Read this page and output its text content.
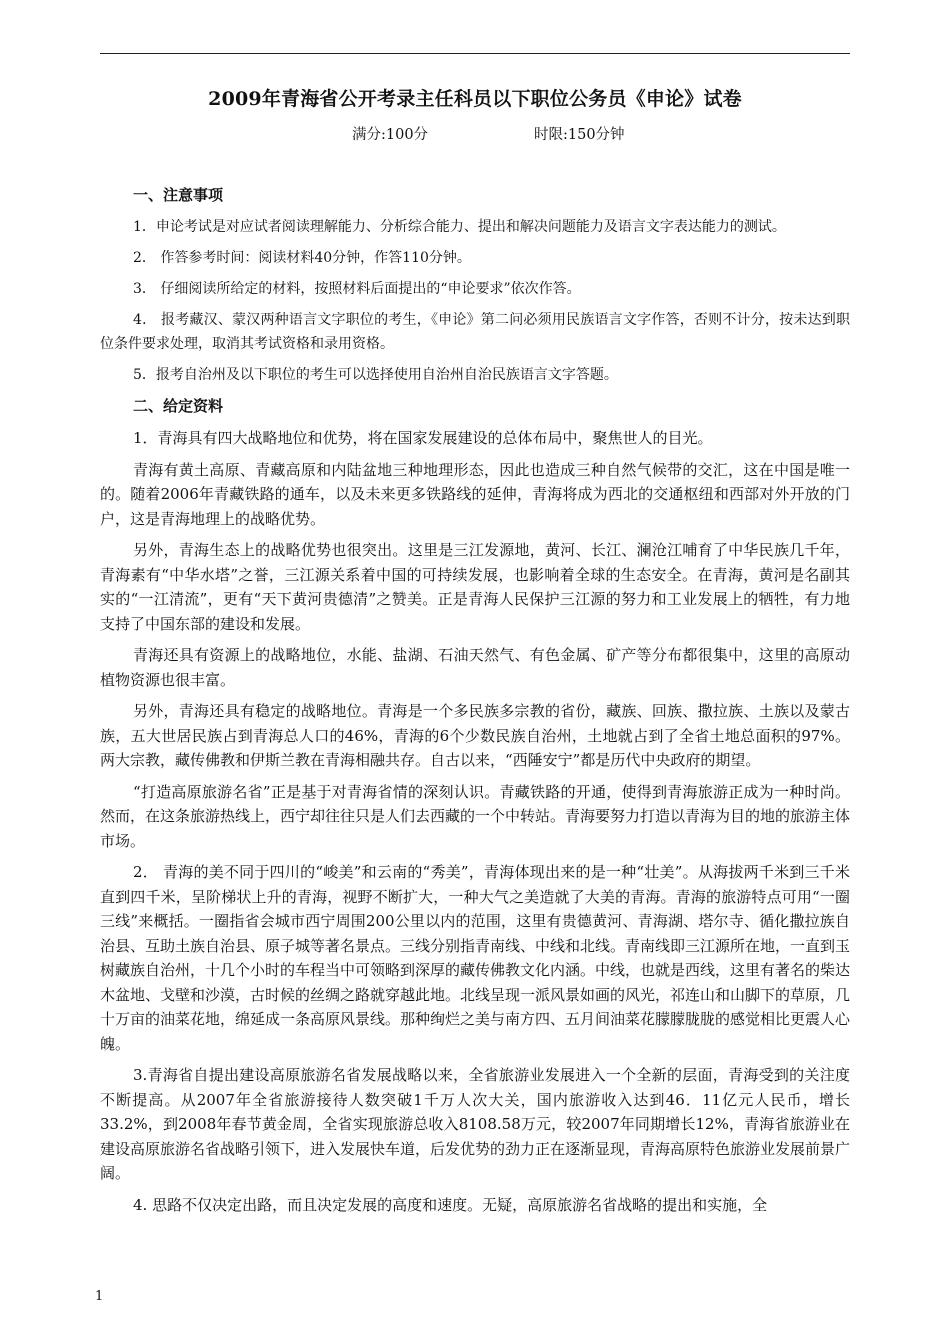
2009年青海省公开考录主任科员以下职位公务员《申论》试卷
满分:100分	时限:150分钟

一、注意事项

1．申论考试是对应试者阅读理解能力、分析综合能力、提出和解决问题能力及语言文字表达能力的测试。

2． 作答参考时间：阅读材料40分钟，作答110分钟。

3． 仔细阅读所给定的材料，按照材料后面提出的“申论要求”依次作答。

4． 报考藏汉、蒙汉两种语言文字职位的考生，《申论》第二问必须用民族语言文字作答，否则不计分，按未达到职位条件要求处理，取消其考试资格和录用资格。

5．报考自治州及以下职位的考生可以选择使用自治州自治民族语言文字答题。

二、给定资料

1．青海具有四大战略地位和优势，将在国家发展建设的总体布局中，聚焦世人的目光。

青海有黄土高原、青藏高原和内陆盆地三种地理形态，因此也造成三种自然气候带的交汇，这在中国是唯一的。随着2006年青藏铁路的通车，以及未来更多铁路线的延伸，青海将成为西北的交通枢纽和西部对外开放的门户，这是青海地理上的战略优势。

另外，青海生态上的战略优势也很突出。这里是三江发源地，黄河、长江、澜沧江哺育了中华民族几千年，青海素有“中华水塔”之誉，三江源关系着中国的可持续发展，也影响着全球的生态安全。在青海，黄河是名副其实的“一江清流”，更有“天下黄河贵德清”之赞美。正是青海人民保护三江源的努力和工业发展上的牺牲，有力地支持了中国东部的建设和发展。

青海还具有资源上的战略地位，水能、盐湖、石油天然气、有色金属、矿产等分布都很集中，这里的高原动植物资源也很丰富。

另外，青海还具有稳定的战略地位。青海是一个多民族多宗教的省份，藏族、回族、撒拉族、土族以及蒙古族，五大世居民族占到青海总人口的46%，青海的6个少数民族自治州，土地就占到了全省土地总面积的97%。两大宗教，藏传佛教和伊斯兰教在青海相融共存。自古以来，“西陲安宁”都是历代中央政府的期望。

“打造高原旅游名省”正是基于对青海省情的深刻认识。青藏铁路的开通，使得到青海旅游正成为一种时尚。然而，在这条旅游热线上，西宁却往往只是人们去西藏的一个中转站。青海要努力打造以青海为目的地的旅游主体市场。

2． 青海的美不同于四川的“峻美”和云南的“秀美”，青海体现出来的是一种“壮美”。从海拔两千米到三千米直到四千米，呈阶梯状上升的青海，视野不断扩大，一种大气之美造就了大美的青海。青海的旅游特点可用“一圈三线”来概括。一圈指省会城市西宁周围200公里以内的范围，这里有贵德黄河、青海湖、塔尔寺、循化撒拉族自治县、互助土族自治县、原子城等著名景点。三线分别指青南线、中线和北线。青南线即三江源所在地，一直到玉树藏族自治州，十几个小时的车程当中可领略到深厚的藏传佛教文化内涵。中线，也就是西线，这里有著名的柴达木盆地、戈壁和沙漠，古时候的丝绸之路就穿越此地。北线呈现一派风景如画的风光，祁连山和山脚下的草原，几十万亩的油菜花地，绵延成一条高原风景线。那种绚烂之美与南方四、五月间油菜花朦朦胧胧的感觉相比更震人心魄。

3.青海省自提出建设高原旅游名省发展战略以来，全省旅游业发展进入一个全新的层面，青海受到的关注度不断提高。从2007年全省旅游接待人数突破1千万人次大关，国内旅游收入达到46．11亿元人民币，增长33.2%，到2008年春节黄金周，全省实现旅游总收入8108.58万元，较2007年同期增长12%，青海省旅游业在建设高原旅游名省战略引领下，进入发展快车道，后发优势的劲力正在逐渐显现，青海高原特色旅游业发展前景广阔。

4. 思路不仅决定出路，而且决定发展的高度和速度。无疑，高原旅游名省战略的提出和实施，全

1
